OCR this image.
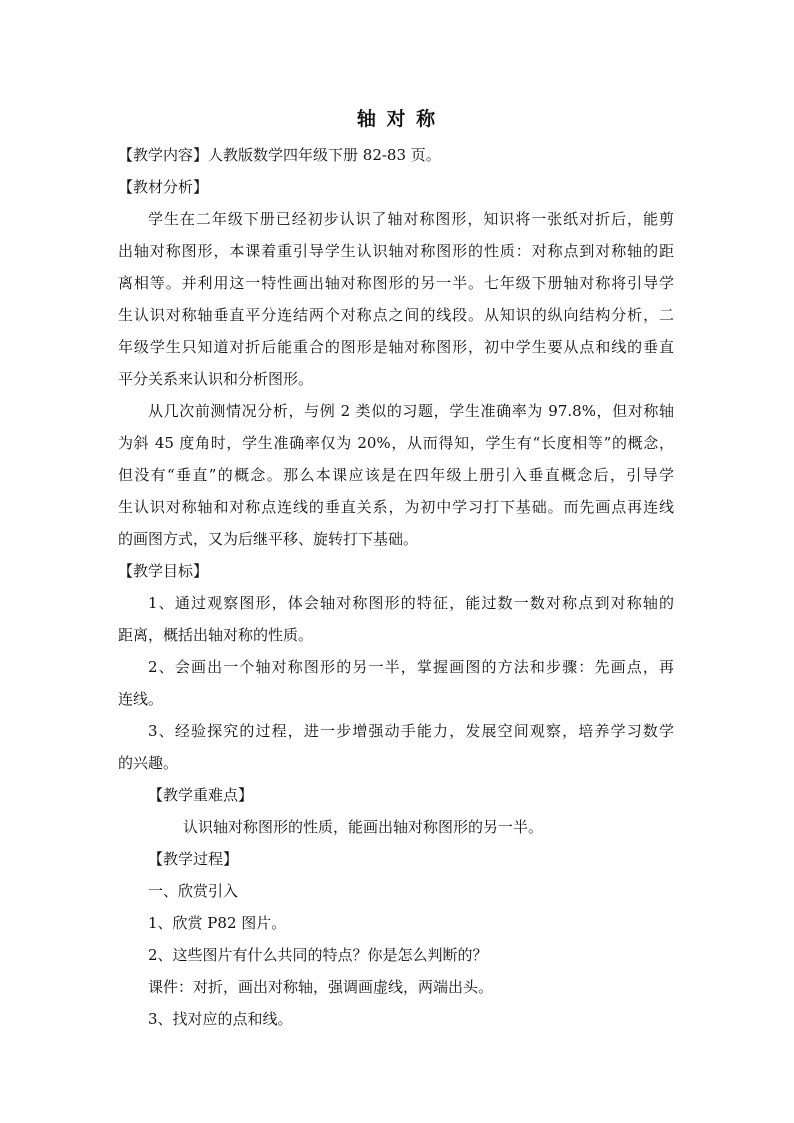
轴 对 称
【教学内容】人教版数学四年级下册 82-83 页。
【教材分析】
学生在二年级下册已经初步认识了轴对称图形，知识将一张纸对折后，能剪
出轴对称图形，本课着重引导学生认识轴对称图形的性质：对称点到对称轴的距
离相等。并利用这一特性画出轴对称图形的另一半。七年级下册轴对称将引导学
生认识对称轴垂直平分连结两个对称点之间的线段。从知识的纵向结构分析，二
年级学生只知道对折后能重合的图形是轴对称图形，初中学生要从点和线的垂直
平分关系来认识和分析图形。
从几次前测情况分析，与例 2 类似的习题，学生准确率为 97.8%，但对称轴
为斜 45 度角时，学生准确率仅为 20%，从而得知，学生有“长度相等”的概念，
但没有“垂直”的概念。那么本课应该是在四年级上册引入垂直概念后，引导学
生认识对称轴和对称点连线的垂直关系，为初中学习打下基础。而先画点再连线
的画图方式，又为后继平移、旋转打下基础。
【教学目标】
1、通过观察图形，体会轴对称图形的特征，能过数一数对称点到对称轴的
距离，概括出轴对称的性质。
2、会画出一个轴对称图形的另一半，掌握画图的方法和步骤：先画点，再
连线。
3、经验探究的过程，进一步增强动手能力，发展空间观察，培养学习数学
的兴趣。
【教学重难点】
认识轴对称图形的性质，能画出轴对称图形的另一半。
【教学过程】
一、欣赏引入
1、欣赏 P82 图片。
2、这些图片有什么共同的特点？你是怎么判断的？
课件：对折，画出对称轴，强调画虚线，两端出头。
3、找对应的点和线。
